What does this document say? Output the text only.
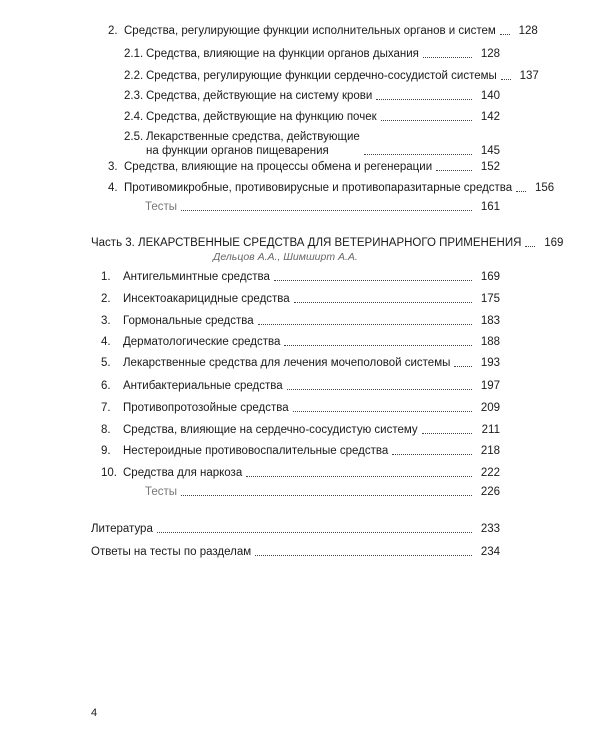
2. Средства, регулирующие функции исполнительных органов и систем	128
2.1. Средства, влияющие на функции органов дыхания	128
2.2. Средства, регулирующие функции сердечно-сосудистой системы	137
2.3. Средства, действующие на систему крови	140
2.4. Средства, действующие на функцию почек	142
2.5. Лекарственные средства, действующие
на функции органов пищеварения	145
3. Средства, влияющие на процессы обмена и регенерации	152
4. Противомикробные, противовирусные и противопаразитарные средства	156
Тесты	161
Часть 3. ЛЕКАРСТВЕННЫЕ СРЕДСТВА ДЛЯ ВЕТЕРИНАРНОГО ПРИМЕНЕНИЯ	169
Дельцов А.А., Шимширт А.А.
1.	Антигельминтные средства	169
2.	Инсектоакарицидные средства	175
3.	Гормональные средства	183
4.	Дерматологические средства	188
5.	Лекарственные средства для лечения мочеполовой системы	193
6.	Антибактериальные средства	197
7.	Противопротозойные средства	209
8.	Средства, влияющие на сердечно-сосудистую систему	211
9.	Нестероидные противовоспалительные средства	218
10. Средства для наркоза	222
Тесты	226
Литература	233
Ответы на тесты по разделам	234
4
